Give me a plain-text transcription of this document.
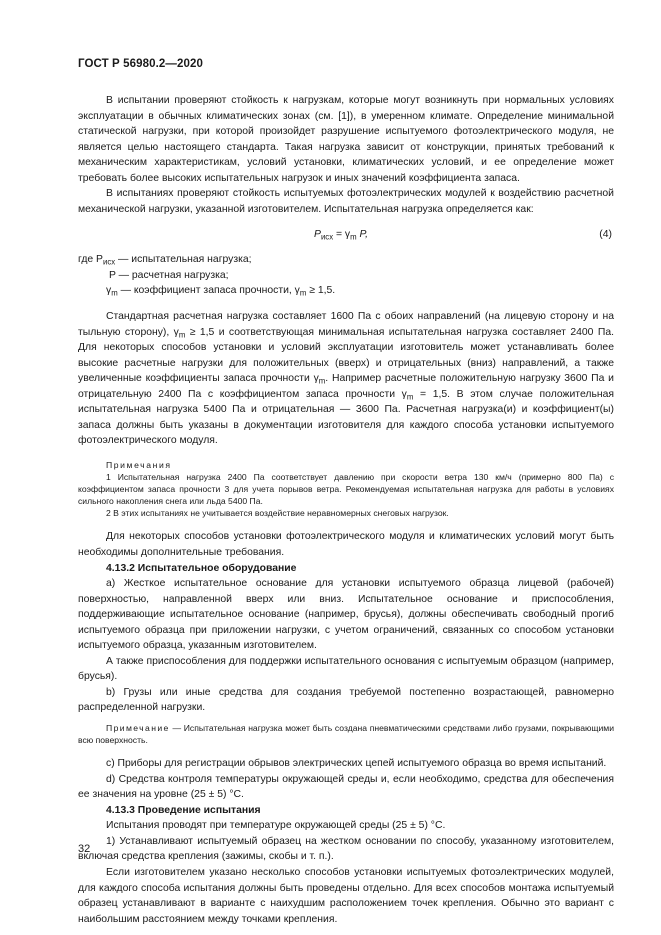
ГОСТ Р 56980.2—2020

В испытании проверяют стойкость к нагрузкам, которые могут возникнуть при нормальных условиях эксплуатации в обычных климатических зонах (см. [1]), в умеренном климате. Определение минимальной статической нагрузки, при которой произойдет разрушение испытуемого фотоэлектрического модуля, не является целью настоящего стандарта. Такая нагрузка зависит от конструкции, принятых требований к механическим характеристикам, условий установки, климатических условий, и ее определение может требовать более высоких испытательных нагрузок и иных значений коэффициента запаса.

В испытаниях проверяют стойкость испытуемых фотоэлектрических модулей к воздействию расчетной механической нагрузки, указанной изготовителем. Испытательная нагрузка определяется как:

$P_{исх} = \gamma_m$ P,	(4)

где $P_{исх}$ — испытательная нагрузка;

P — расчетная нагрузка;

$\gamma_m$ — коэффициент запаса прочности, $\gamma_m \ge 1,5$.

Стандартная расчетная нагрузка составляет 1600 Па с обоих направлений (на лицевую сторону и на тыльную сторону), $\gamma_m \ge 1,5$ и соответствующая минимальная испытательная нагрузка составляет 2400 Па. Для некоторых способов установки и условий эксплуатации изготовитель может устанавливать более высокие расчетные нагрузки для положительных (вверх) и отрицательных (вниз) направлений, а также увеличенные коэффициенты запаса прочности $\gamma_m$. Например расчетные положительную нагрузку 3600 Па и отрицательную 2400 Па с коэффициентом запаса прочности $\gamma_m = 1,5$. В этом случае положительная испытательная нагрузка 5400 Па и отрицательная — 3600 Па. Расчетная нагрузка(и) и коэффициент(ы) запаса должны быть указаны в документации изготовителя для каждого способа установки испытуемого фотоэлектрического модуля.

Примечания

1 Испытательная нагрузка 2400 Па соответствует давлению при скорости ветра 130 км/ч (примерно 800 Па) с коэффициентом запаса прочности 3 для учета порывов ветра. Рекомендуемая испытательная нагрузка для работы в условиях сильного накопления снега или льда 5400 Па.

2 В этих испытаниях не учитывается воздействие неравномерных снеговых нагрузок.

Для некоторых способов установки фотоэлектрического модуля и климатических условий могут быть необходимы дополнительные требования.

4.13.2 Испытательное оборудование

а) Жесткое испытательное основание для установки испытуемого образца лицевой (рабочей) поверхностью, направленной вверх или вниз. Испытательное основание и приспособления, поддерживающие испытательное основание (например, брусья), должны обеспечивать свободный прогиб испытуемого образца при приложении нагрузки, с учетом ограничений, связанных со способом установки испытуемого образца, указанным изготовителем.

А также приспособления для поддержки испытательного основания с испытуемым образцом (например, брусья).

b) Грузы или иные средства для создания требуемой постепенно возрастающей, равномерно распределенной нагрузки.

Примечание — Испытательная нагрузка может быть создана пневматическими средствами либо грузами, покрывающими всю поверхность.

c) Приборы для регистрации обрывов электрических цепей испытуемого образца во время испытаний.

d) Средства контроля температуры окружающей среды и, если необходимо, средства для обеспечения ее значения на уровне (25 ± 5) °С.

4.13.3 Проведение испытания

Испытания проводят при температуре окружающей среды (25 ± 5) °С.

1) Устанавливают испытуемый образец на жестком основании по способу, указанному изготовителем, включая средства крепления (зажимы, скобы и т. п.).

Если изготовителем указано несколько способов установки испытуемых фотоэлектрических модулей, для каждого способа испытания должны быть проведены отдельно. Для всех способов монтажа испытуемый образец устанавливают в варианте с наихудшим расположением точек крепления. Обычно это вариант с наибольшим расстоянием между точками крепления.

32
